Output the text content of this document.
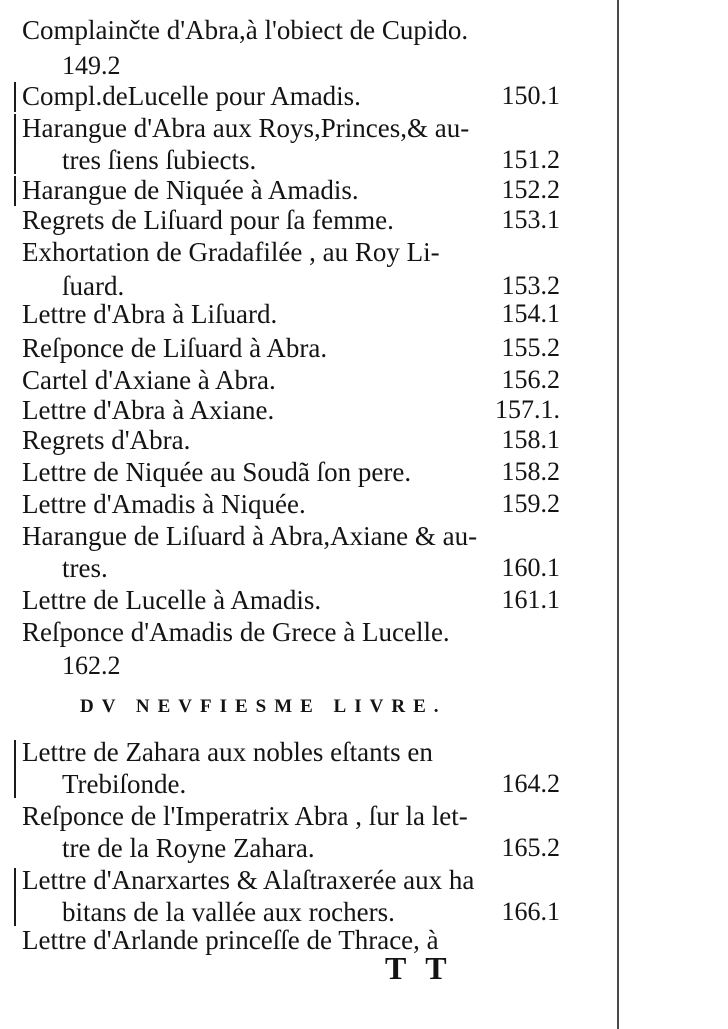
Complainčte d'Abra,à l'obiect de Cupido.
149.2
Compl.deLucelle pour Amadis.	150.1
Harangue d'Abra aux Roys,Princes,& au-
tres ſiens ſubiects.	151.2
Harangue de Niquée à Amadis.	152.2
Regrets de Liſuard pour ſa femme.	153.1
Exhortation de Gradafilée , au Roy Li-
ſuard.	153.2
Lettre d'Abra à Liſuard.	154.1
Reſponce de Liſuard à Abra.	155.2
Cartel d'Axiane à Abra.	156.2
Lettre d'Abra à Axiane.	157.1.
Regrets d'Abra.	158.1
Lettre de Niquée au Soudã ſon pere.	158.2
Lettre d'Amadis à Niquée.	159.2
Harangue de Liſuard à Abra,Axiane & au-
tres.	160.1
Lettre de Lucelle à Amadis.	161.1
Reſponce d'Amadis de Grece à Lucelle.
162.2
DV NEVFIESME LIVRE.
Lettre de Zahara aux nobles eſtants en
Trebiſonde.	164.2
Reſponce de l'Imperatrix Abra , ſur la let-
tre de la Royne Zahara.	165.2
Lettre d'Anarxartes & Alaſtraxerée aux ha
bitans de la vallée aux rochers.	166.1
Lettre d'Arlande princeſſe de Thrace, à
T T
